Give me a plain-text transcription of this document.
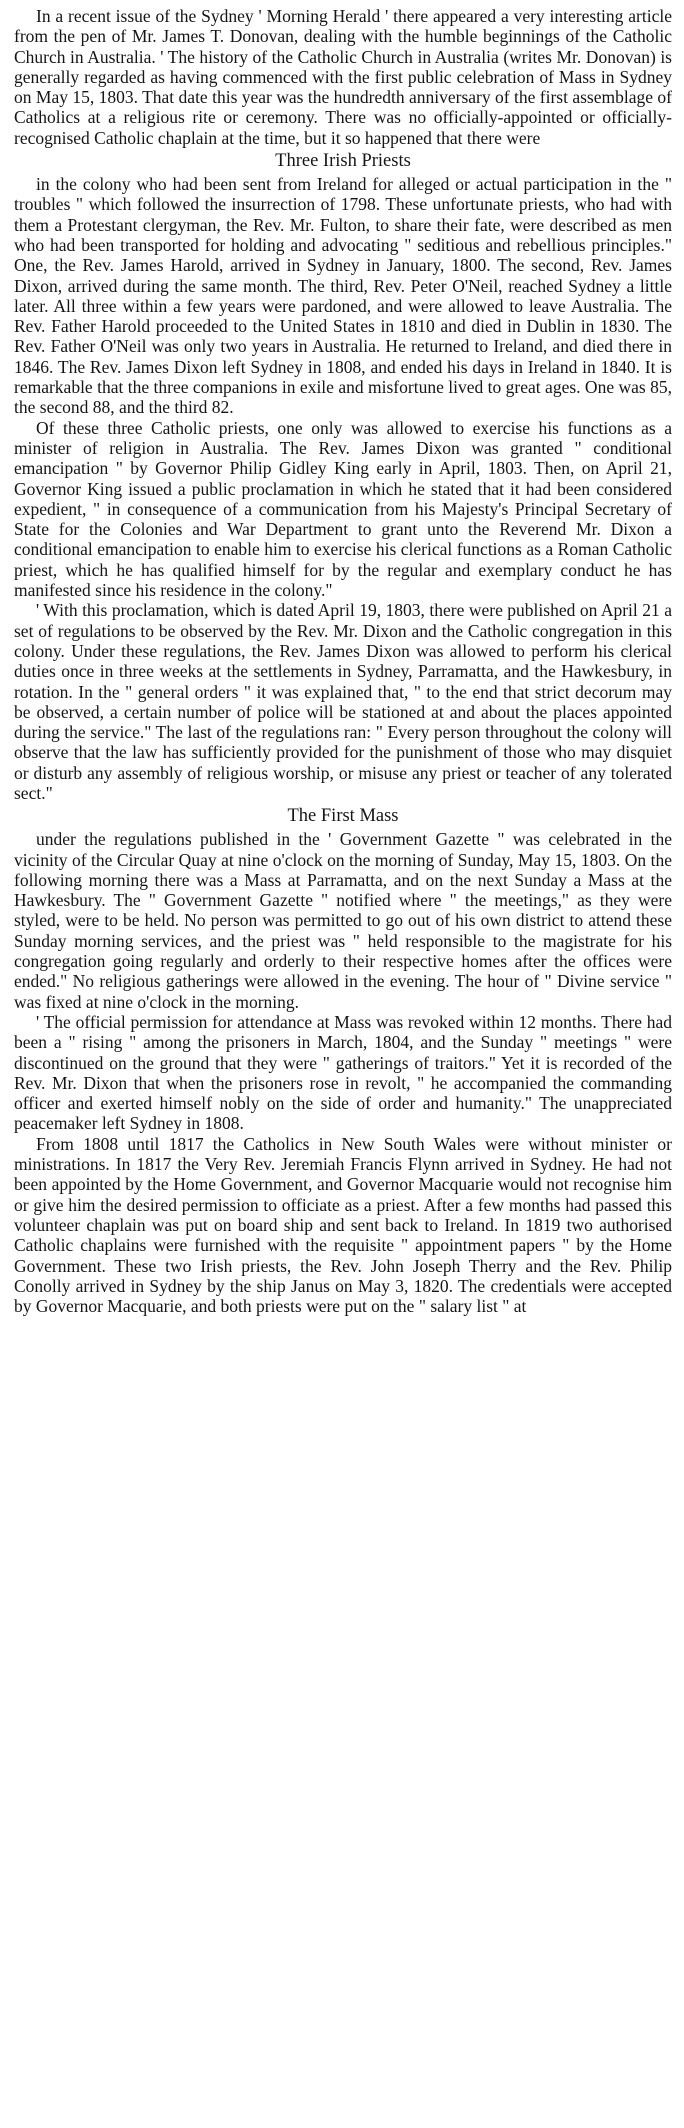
In a recent issue of the Sydney ' Morning Herald ' there appeared a very interesting article from the pen of Mr. James T. Donovan, dealing with the humble beginnings of the Catholic Church in Australia. ' The history of the Catholic Church in Australia (writes Mr. Donovan) is generally regarded as having commenced with the first public celebration of Mass in Sydney on May 15, 1803. That date this year was the hundredth anniversary of the first assemblage of Catholics at a religious rite or ceremony. There was no officially-appointed or officially-recognised Catholic chaplain at the time, but it so happened that there were

Three Irish Priests

in the colony who had been sent from Ireland for alleged or actual participation in the " troubles " which followed the insurrection of 1798. These unfortunate priests, who had with them a Protestant clergyman, the Rev. Mr. Fulton, to share their fate, were described as men who had been transported for holding and advocating " seditious and rebellious principles." One, the Rev. James Harold, arrived in Sydney in January, 1800. The second, Rev. James Dixon, arrived during the same month. The third, Rev. Peter O'Neil, reached Sydney a little later. All three within a few years were pardoned, and were allowed to leave Australia. The Rev. Father Harold proceeded to the United States in 1810 and died in Dublin in 1830. The Rev. Father O'Neil was only two years in Australia. He returned to Ireland, and died there in 1846. The Rev. James Dixon left Sydney in 1808, and ended his days in Ireland in 1840. It is remarkable that the three companions in exile and misfortune lived to great ages. One was 85, the second 88, and the third 82.

Of these three Catholic priests, one only was allowed to exercise his functions as a minister of religion in Australia. The Rev. James Dixon was granted " conditional emancipation " by Governor Philip Gidley King early in April, 1803. Then, on April 21, Governor King issued a public proclamation in which he stated that it had been considered expedient, " in consequence of a communication from his Majesty's Principal Secretary of State for the Colonies and War Department to grant unto the Reverend Mr. Dixon a conditional emancipation to enable him to exercise his clerical functions as a Roman Catholic priest, which he has qualified himself for by the regular and exemplary conduct he has manifested since his residence in the colony."

' With this proclamation, which is dated April 19, 1803, there were published on April 21 a set of regulations to be observed by the Rev. Mr. Dixon and the Catholic congregation in this colony. Under these regulations, the Rev. James Dixon was allowed to perform his clerical duties once in three weeks at the settlements in Sydney, Parramatta, and the Hawkesbury, in rotation. In the " general orders " it was explained that, " to the end that strict decorum may be observed, a certain number of police will be stationed at and about the places appointed during the service." The last of the regulations ran: " Every person throughout the colony will observe that the law has sufficiently provided for the punishment of those who may disquiet or disturb any assembly of religious worship, or misuse any priest or teacher of any tolerated sect."

The First Mass

under the regulations published in the ' Government Gazette " was celebrated in the vicinity of the Circular Quay at nine o'clock on the morning of Sunday, May 15, 1803. On the following morning there was a Mass at Parramatta, and on the next Sunday a Mass at the Hawkesbury. The " Government Gazette " notified where " the meetings," as they were styled, were to be held. No person was permitted to go out of his own district to attend these Sunday morning services, and the priest was " held responsible to the magistrate for his congregation going regularly and orderly to their respective homes after the offices were ended." No religious gatherings were allowed in the evening. The hour of " Divine service " was fixed at nine o'clock in the morning.

' The official permission for attendance at Mass was revoked within 12 months. There had been a " rising " among the prisoners in March, 1804, and the Sunday " meetings " were discontinued on the ground that they were " gatherings of traitors." Yet it is recorded of the Rev. Mr. Dixon that when the prisoners rose in revolt, " he accompanied the commanding officer and exerted himself nobly on the side of order and humanity." The unappreciated peacemaker left Sydney in 1808.

From 1808 until 1817 the Catholics in New South Wales were without minister or ministrations. In 1817 the Very Rev. Jeremiah Francis Flynn arrived in Sydney. He had not been appointed by the Home Government, and Governor Macquarie would not recognise him or give him the desired permission to officiate as a priest. After a few months had passed this volunteer chaplain was put on board ship and sent back to Ireland. In 1819 two authorised Catholic chaplains were furnished with the requisite " appointment papers " by the Home Government. These two Irish priests, the Rev. John Joseph Therry and the Rev. Philip Conolly arrived in Sydney by the ship Janus on May 3, 1820. The credentials were accepted by Governor Macquarie, and both priests were put on the " salary list " at
